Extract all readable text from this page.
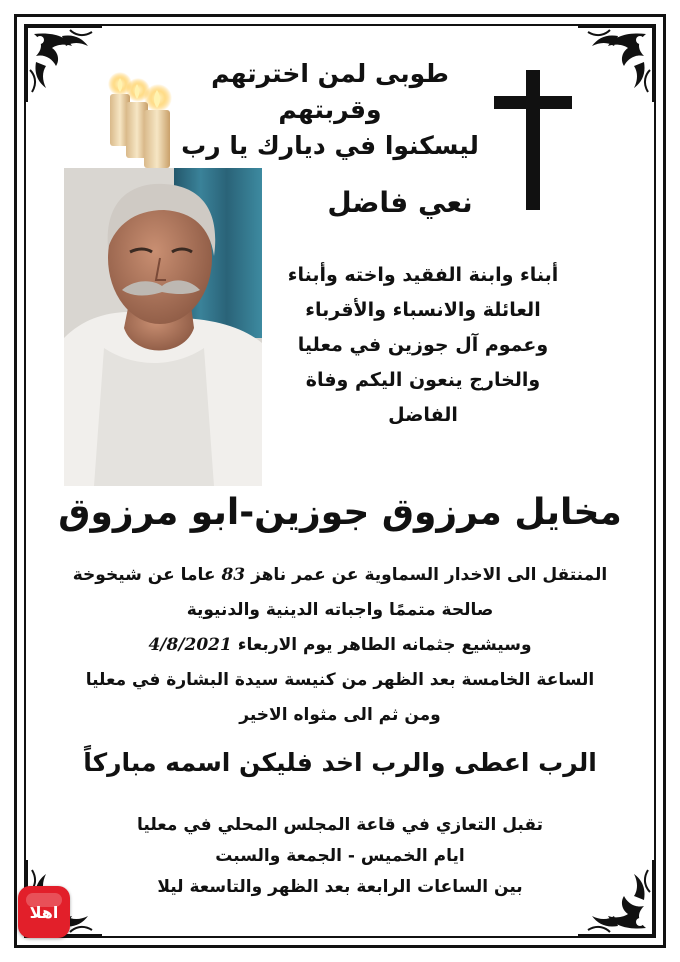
طوبى لمن اخترتهم وقربتهم
ليسكنوا في ديارك يا رب
نعي فاضل
أبناء وابنة الفقيد واخته وأبناء
العائلة والانسباء والأقرباء
وعموم آل جوزين في معليا
والخارج ينعون اليكم وفاة
الفاضل
مخايل مرزوق جوزين-ابو مرزوق
المنتقل الى الاخدار السماوية عن عمر ناهز 83 عاما عن شيخوخة
صالحة متممًا واجباته الدينية والدنيوية
وسيشيع جثمانه الطاهر يوم الاربعاء 4/8/2021
الساعة الخامسة بعد الظهر من كنيسة سيدة البشارة في معليا
ومن ثم الى مثواه الاخير
الرب اعطى والرب اخد فليكن اسمه مباركاً
تقبل التعازي في قاعة المجلس المحلي في معليا
ايام الخميس - الجمعة والسبت
بين الساعات الرابعة بعد الظهر والتاسعة ليلا
اهلا
